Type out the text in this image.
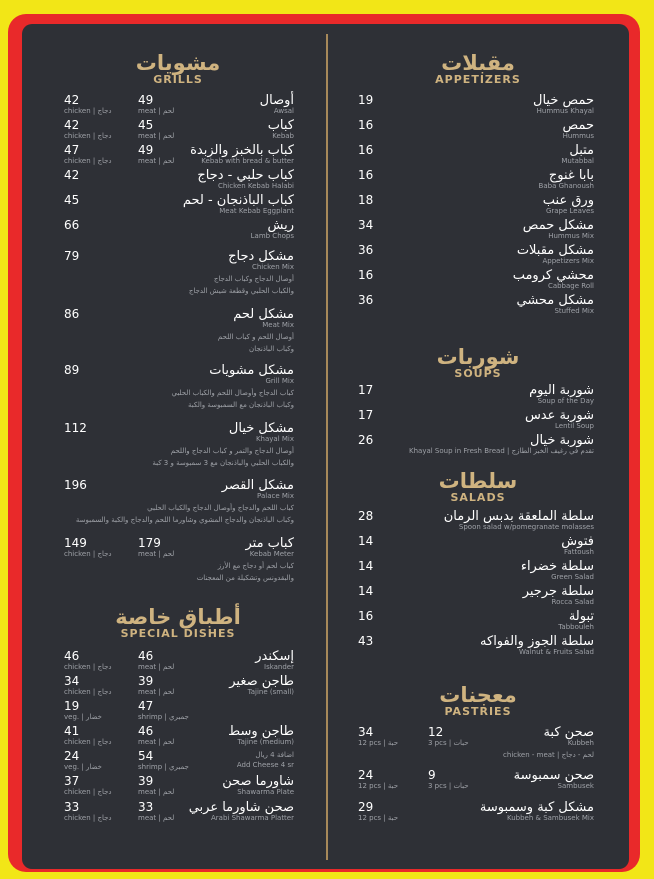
مشويات
GRILLS
أوصال
Awsal
42
chicken | دجاج
49
meat | لحم
كباب
Kebab
42
chicken | دجاج
45
meat | لحم
كباب بالخبز والزبدة
Kebab with bread & butter
47
chicken | دجاج
49
meat | لحم
كباب حلبي - دجاج
Chicken Kebab Halabi
42
كباب الباذنجان - لحم
Meat Kebab Eggplant
45
ريش
Lamb Chops
66
مشكل دجاج
Chicken Mix
أوصال الدجاج وكباب الدجاج
والكباب الحلبي وقطعة شيش الدجاج
79
مشكل لحم
Meat Mix
أوصال اللحم و كباب اللحم
وكباب الباذنجان
86
مشكل مشويات
Grill Mix
كباب الدجاج وأوصال اللحم والكباب الحلبي
وكباب الباذنجان مع السمبوسة والكبة
89
مشكل خيال
Khayal Mix
أوصال الدجاج والتمر و كباب الدجاج واللحم
والكباب الحلبي والباذنجان مع 3 سمبوسة و 3 كبة
112
مشكل القصر
Palace Mix
كباب اللحم والدجاج وأوصال الدجاج والكباب الحلبي
وكباب الباذنجان والدجاج المشوي وشاورما اللحم والدجاج والكبة والسمبوسة
196
كباب متر
Kebab Meter
كباب لحم أو دجاج مع الأرز
والبقدونس وتشكيلة من المعجنات
149
chicken | دجاج
179
meat | لحم
أطباق خاصة
SPECIAL DISHES
إسكندر
Iskander
46
chicken | دجاج
46
meat | لحم
طاجن صغير
Tajine (small)
34
chicken | دجاج
39
meat | لحم
19
veg. | خضار
47
shrimp | جمبري
طاجن وسط
Tajine (medium)
41
chicken | دجاج
46
meat | لحم
اضافة 4 ريال
Add Cheese 4 sr
24
veg. | خضار
54
shrimp | جمبري
شاورما صحن
Shawarma Plate
37
chicken | دجاج
39
meat | لحم
صحن شاورما عربي
Arabi Shawarma Platter
33
chicken | دجاج
33
meat | لحم
مقبلات
APPETIZERS
حمص خيال
Hummus Khayal
19
حمص
Hummus
16
متبل
Mutabbal
16
بابا غنوج
Baba Ghanoush
16
ورق عنب
Grape Leaves
18
مشكل حمص
Hummus Mix
34
مشكل مقبلات
Appetizers Mix
36
محشي كرومب
Cabbage Roll
16
مشكل محشي
Stuffed Mix
36
شوربات
SOUPS
شوربة اليوم
Soup of the Day
17
شوربة عدس
Lentil Soup
17
شوربة خيال
Khayal Soup in Fresh Bread | تقدم في رغيف الخبز الطازج
26
سلطات
SALADS
سلطة الملعقة بدبس الرمان
Spoon salad w/pomegranate molasses
28
فتوش
Fattoush
14
سلطة خضراء
Green Salad
14
سلطة جرجير
Rocca Salad
14
تبولة
Tabbouleh
16
سلطة الجوز والفواكه
Walnut & Fruits Salad
43
معجنات
PASTRIES
صحن كبة
Kubbeh
chicken - meat | لحم - دجاج
34
12 pcs | حبة
12
3 pcs | حبات
صحن سمبوسة
Sambusek
24
12 pcs | حبة
9
3 pcs | حبات
مشكل كبة وسمبوسة
Kubbeh & Sambusek Mix
29
12 pcs | حبة
